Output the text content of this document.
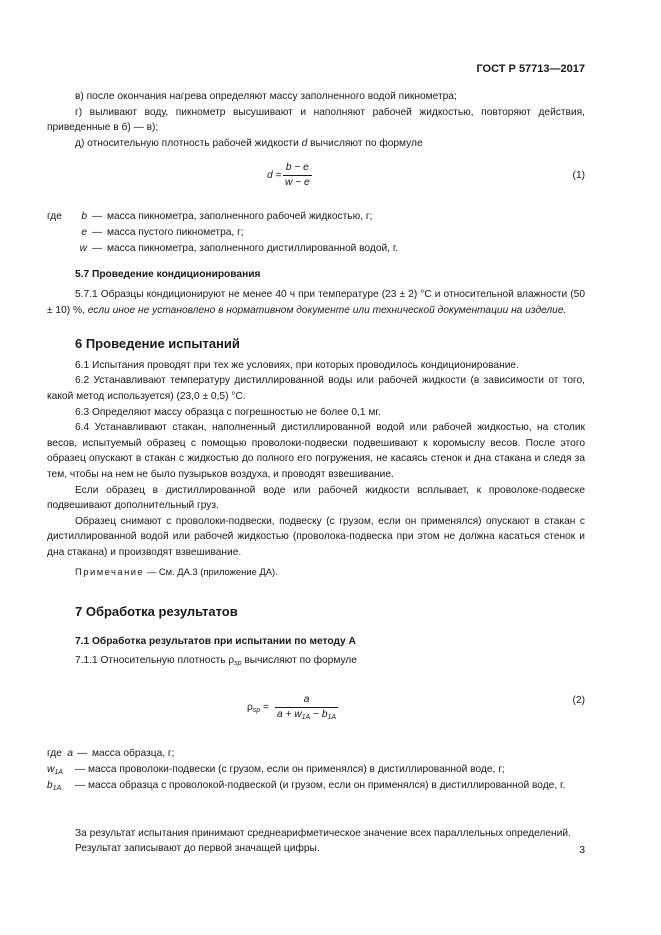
ГОСТ Р 57713—2017

в) после окончания нагрева определяют массу заполненного водой пикнометра;

г) выливают воду, пикнометр высушивают и наполняют рабочей жидкостью, повторяют действия, приведенные в б) — в);

д) относительную плотность рабочей жидкости d вычисляют по формуле

$d = \frac{b - e}{w - e}$	(1)
где	b — масса пикнометра, заполненного рабочей жидкостью, г;
e — масса пустого пикнометра, г;
w — масса пикнометра, заполненного дистиллированной водой, г.

5.7 Проведение кондиционирования

5.7.1 Образцы кондиционируют не менее 40 ч при температуре (23 ± 2) °C и относительной влажности (50 ± 10) %, если иное не установлено в нормативном документе или технической документации на изделие.

6 Проведение испытаний

6.1 Испытания проводят при тех же условиях, при которых проводилось кондиционирование.

6.2 Устанавливают температуру дистиллированной воды или рабочей жидкости (в зависимости от того, какой метод используется) (23,0 ± 0,5) °C.

6.3 Определяют массу образца с погрешностью не более 0,1 мг.

6.4 Устанавливают стакан, наполненный дистиллированной водой или рабочей жидкостью, на столик весов, испытуемый образец с помощью проволоки-подвески подвешивают к коромыслу весов. После этого образец опускают в стакан с жидкостью до полного его погружения, не касаясь стенок и дна стакана и следя за тем, чтобы на нем не было пузырьков воздуха, и проводят взвешивание.

Если образец в дистиллированной воде или рабочей жидкости всплывает, к проволоке-подвеске подвешивают дополнительный груз.

Образец снимают с проволоки-подвески, подвеску (с грузом, если он применялся) опускают в стакан с дистиллированной водой или рабочей жидкостью (проволока-подвеска при этом не должна касаться стенок и дна стакана) и производят взвешивание.

Примечание — См. ДА.3 (приложение ДА).

7 Обработка результатов

7.1 Обработка результатов при испытании по методу А

7.1.1 Относительную плотность $\rho_{sp}$ вычисляют по формуле

$\rho_{sp} = \frac{a}{a + w_{1A} - b_{1A}}$	(2)
где a — масса образца, г;
$w_{1A}$ — масса проволоки-подвески (с грузом, если он применялся) в дистиллированной воде, г;
$b_{1A}$ — масса образца с проволокой-подвеской (и грузом, если он применялся) в дистиллированной воде, г.

За результат испытания принимают среднеарифметическое значение всех параллельных определений.

Результат записывают до первой значащей цифры.	3
